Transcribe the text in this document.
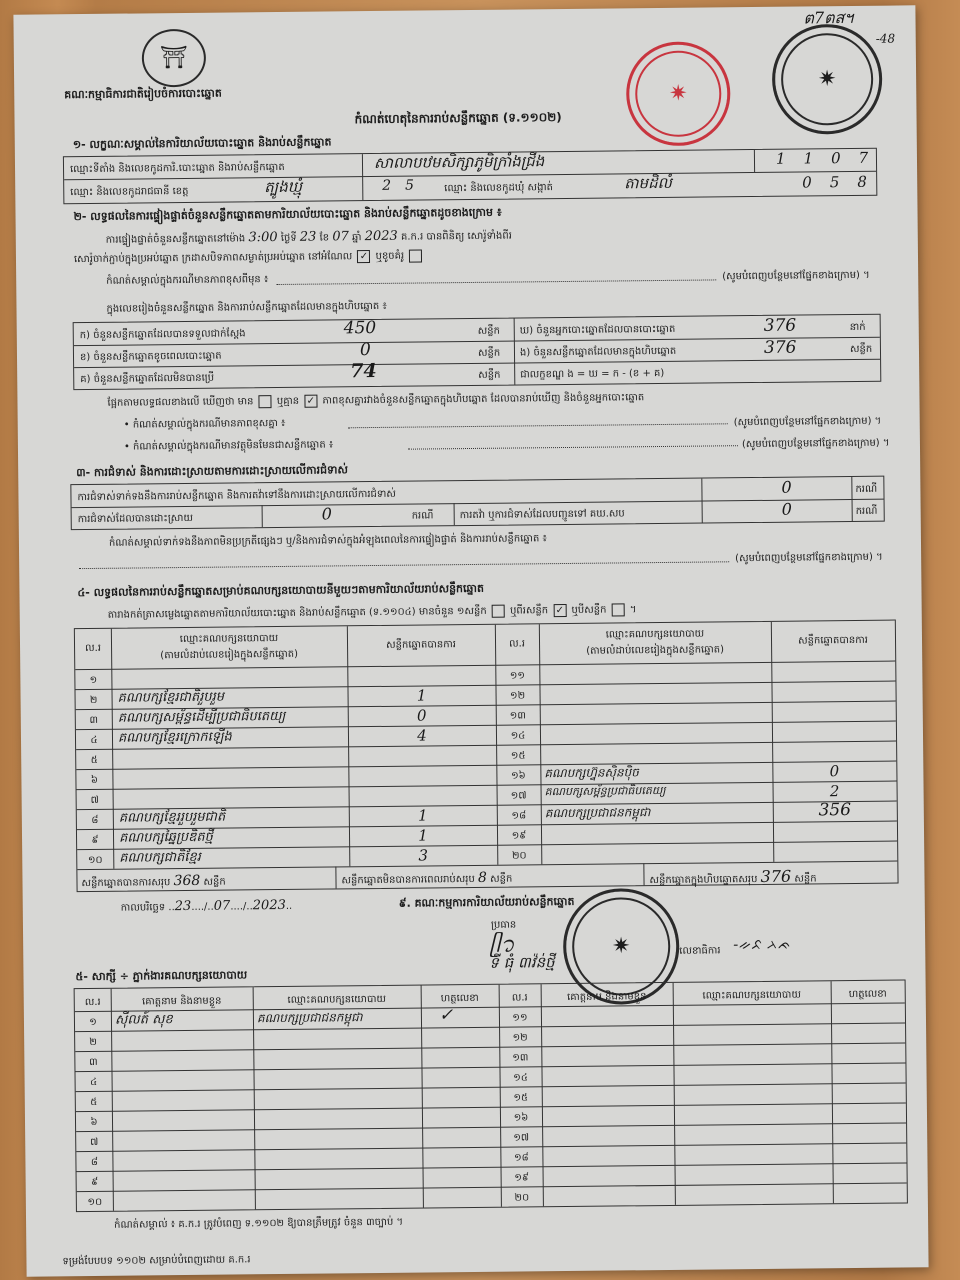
⛩
✷
✷
ต7ตสฯ
-48
គណៈកម្មាធិការជាតិរៀបចំការបោះឆ្នោត
កំណត់ហេតុនៃការរាប់សន្លឹកឆ្នោត (ទ.១១០២)
១- លក្ខណៈសម្គាល់នៃការិយាល័យបោះឆ្នោត និងរាប់សន្លឹកឆ្នោត
ឈ្មោះទីតាំង និងលេខកូដការិ.បោះឆ្នោត និងរាប់សន្លឹកឆ្នោត	សាលាបឋមសិក្សាភូមិក្រាំងជ្រីង	1107
ឈ្មោះ និងលេខកូដរាជធានី ខេត្ត	ត្បូងឃ្មុំ	25 ឈ្មោះ និងលេខកូដឃុំ សង្កាត់	តាមដិលំ	058
២- លទ្ធផលនៃការផ្ទៀងផ្ទាត់ចំនួនសន្លឹកឆ្នោតតាមការិយាល័យបោះឆ្នោត និងរាប់សន្លឹកឆ្នោតដូចខាងក្រោម ៖
ការផ្ទៀងផ្ទាត់ចំនួនសន្លឹកឆ្នោតនៅម៉ោង 3:00 ថ្ងៃទី 23 ខែ 07 ឆ្នាំ 2023 គ.ក.រ បានពិនិត្យ សោរ៉ូទាំងពីរ
សោរ៉ូចាក់ភ្ជាប់ក្នុងប្រអប់ឆ្នោត ក្រដាសបិទភាពសម្ងាត់ប្រអប់ឆ្នោត នៅអំណែល ✓ ឬខូចគំរូ
កំណត់សម្គាល់ក្នុងករណីមានភាពខុសពីមុន ៖	(សូមបំពេញបន្ថែមនៅផ្នែកខាងក្រោម) ។
ក្នុងលេខរៀងចំនួនសន្លឹកឆ្នោត និងការរាប់សន្លឹកឆ្នោតដែលមានក្នុងហិបឆ្នោត ៖
ក) ចំនួនសន្លឹកឆ្នោតដែលបានទទួលជាក់ស្តែង	450	សន្លឹក ឃ) ចំនួនអ្នកបោះឆ្នោតដែលបានបោះឆ្នោត	376	នាក់
ខ) ចំនួនសន្លឹកឆ្នោតខូចពេលបោះឆ្នោត	0	សន្លឹក ង) ចំនួនសន្លឹកឆ្នោតដែលមានក្នុងហិបឆ្នោត	376	សន្លឹក
គ) ចំនួនសន្លឹកឆ្នោតដែលមិនបានប្រើ	74	សន្លឹក ជាលក្ខខណ្ឌ ង = ឃ = ក - (ខ + គ)
ផ្អែកតាមលទ្ធផលខាងលើ ឃើញថា មាន  ឬគ្មាន ✓ ភាពខុសគ្នារវាងចំនួនសន្លឹកឆ្នោតក្នុងហិបឆ្នោត ដែលបានរាប់ឃើញ និងចំនួនអ្នកបោះឆ្នោត
• កំណត់សម្គាល់ក្នុងករណីមានភាពខុសគ្នា ៖	(សូមបំពេញបន្ថែមនៅផ្នែកខាងក្រោម) ។
• កំណត់សម្គាល់ក្នុងករណីមានវត្ថុមិនមែនជាសន្លឹកឆ្នោត ៖	(សូមបំពេញបន្ថែមនៅផ្នែកខាងក្រោម) ។
៣- ការជំទាស់ និងការដោះស្រាយតាមការដោះស្រាយលើការជំទាស់
ការជំទាស់ទាក់ទងនឹងការរាប់សន្លឹកឆ្នោត និងការតវ៉ាទៅនឹងការដោះស្រាយលើការជំទាស់	0	ករណី
ការជំទាស់ដែលបានដោះស្រាយ	0	ករណី	ការតវ៉ា ឬការជំទាស់ដែលបញ្ជូនទៅ គឃ.សប	0	ករណី
កំណត់សម្គាល់ទាក់ទងនឹងភាពមិនប្រក្រតីផ្សេងៗ ឬ/និងការជំទាស់ក្នុងអំឡុងពេលនៃការផ្ទៀងផ្ទាត់ និងការរាប់សន្លឹកឆ្នោត ៖
(សូមបំពេញបន្ថែមនៅផ្នែកខាងក្រោម) ។
៤- លទ្ធផលនៃការរាប់សន្លឹកឆ្នោតសម្រាប់គណបក្សនយោបាយនីមួយៗតាមការិយាល័យរាប់សន្លឹកឆ្នោត
តារាងកត់ត្រាសម្លេងឆ្នោតតាមការិយាល័យបោះឆ្នោត និងរាប់សន្លឹកឆ្នោត (ទ.១១០៤) មានចំនួន ១សន្លឹក ឬពីរសន្លឹក ✓ ឬបីសន្លឹក  ។
ល.រ
ឈ្មោះគណបក្សនយោបាយ
(តាមលំដាប់លេខរៀងក្នុងសន្លឹកឆ្នោត)
សន្លឹកឆ្នោតបានការ	ល.រ
ឈ្មោះគណបក្សនយោបាយ
(តាមលំដាប់លេខរៀងក្នុងសន្លឹកឆ្នោត)
សន្លឹកឆ្នោតបានការ
១
២	គណបក្សខ្មែរជាតិរួបរួម	1
៣	គណបក្សសម្ព័ន្ធដើម្បីប្រជាធិបតេយ្យ	0
៤	គណបក្សខ្មែរក្រោកឡើង	4
៥
៦
៧
៨	គណបក្សខ្មែររួបរួមជាតិ	1
៩	គណបក្សឆ្នៃប្រឌិតថ្មី	1
១០	គណបក្សជាតិខ្មែរ	3
១១
១២
១៣
១៤
១៥
១៦	គណបក្សហ្វ៊ុនស៊ិនប៉ិច	0
១៧	គណបក្សសម្ព័ន្ធប្រជាធិបតេយ្យ	2
១៨	គណបក្សប្រជាជនកម្ពុជា	356
១៩
២០
សន្លឹកឆ្នោតបានការសរុប 368 សន្លឹក	សន្លឹកឆ្នោតមិនបានការពេលរាប់សរុប 8 សន្លឹក	សន្លឹកឆ្នោតក្នុងហិបឆ្នោតសរុប 376 សន្លឹក
កាលបរិច្ឆេទ ..23..../..07..../..2023..	៩. គណៈកម្មការការិយាល័យរាប់សន្លឹកឆ្នោត
ប្រធាន
ᥫ᭡
ទី ធុំ ៣វ៉ន់ថ្មី
✷	លេខាធិការ -ᨀᨅ ᨂᨃ
៥- សាក្សី ÷ ភ្នាក់ងារគណបក្សនយោបាយ
ល.រ	គោត្តនាម និងនាមខ្លួន	ឈ្មោះគណបក្សនយោបាយ	ហត្ថលេខា	ល.រ	គោត្តនាម និងនាមខ្លួន	ឈ្មោះគណបក្សនយោបាយ	ហត្ថលេខា
១	ស៊ីលត៍ សុខ	គណបក្សប្រជាជនកម្ពុជា	✓
២
៣
៤
៥
៦
៧
៨
៩
១០
១១
១២
១៣
១៤
១៥
១៦
១៧
១៨
១៩
២០
កំណត់សម្គាល់ ៖ គ.ក.រ ត្រូវបំពេញ ទ.១១០២ ឱ្យបានត្រឹមត្រូវ ចំនួន ៣ច្បាប់ ។
ទម្រង់បែបបទ ១១០២ សម្រាប់បំពេញដោយ គ.ក.រ
